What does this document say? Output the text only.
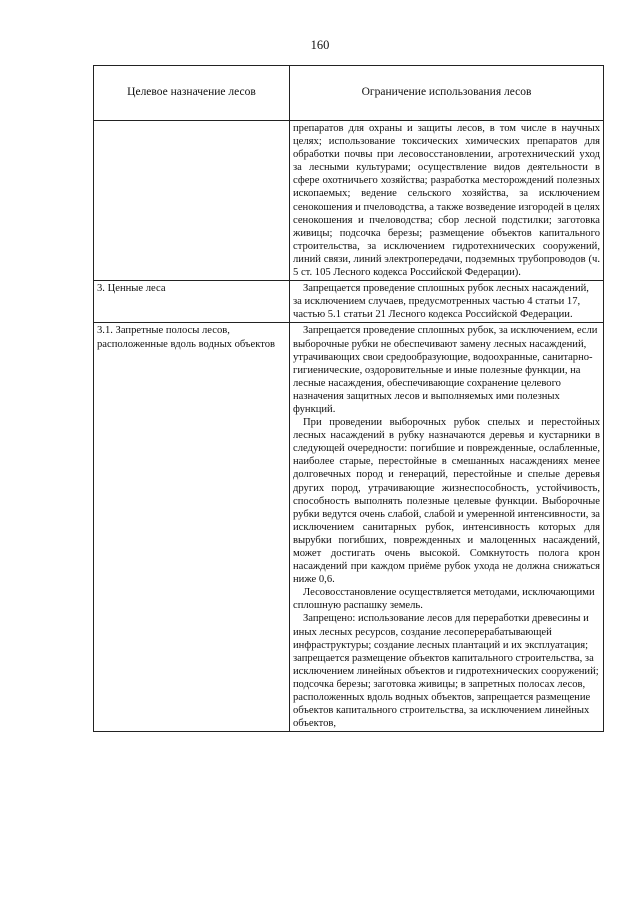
160
Целевое назначение лесов	Ограничение использования лесов

	препаратов для охраны и защиты лесов, в том числе в научных целях; использование токсических химических препаратов для обработки почвы при лесовосстановлении, агротехнический уход за лесными культурами; осуществление видов деятельности в сфере охотничьего хозяйства; разработка месторождений полезных ископаемых; ведение сельского хозяйства, за исключением сенокошения и пчеловодства, а также возведение изгородей в целях сенокошения и пчеловодства; сбор лесной подстилки; заготовка живицы; подсочка березы; размещение объектов капитального строительства, за исключением гидротехнических сооружений, линий связи, линий электропередачи, подземных трубопроводов (ч. 5 ст. 105 Лесного кодекса Российской Федерации).

3. Ценные леса	Запрещается проведение сплошных рубок лесных насаждений, за исключением случаев, предусмотренных частью 4 статьи 17, частью 5.1 статьи 21 Лесного кодекса Российской Федерации.

3.1. Запретные полосы лесов, расположенные вдоль водных объектов	Запрещается проведение сплошных рубок, за исключением, если выборочные рубки не обеспечивают замену лесных насаждений, утрачивающих свои средообразующие, водоохранные, санитарно-гигиенические, оздоровительные и иные полезные функции, на лесные насаждения, обеспечивающие сохранение целевого назначения защитных лесов и выполняемых ими полезных функций.

При проведении выборочных рубок спелых и перестойных лесных насаждений в рубку назначаются деревья и кустарники в следующей очередности: погибшие и поврежденные, ослабленные, наиболее старые, перестойные в смешанных насаждениях менее долговечных пород и генераций, перестойные и спелые деревья других пород, утрачивающие жизнеспособность, устойчивость, способность выполнять полезные целевые функции. Выборочные рубки ведутся очень слабой, слабой и умеренной интенсивности, за исключением санитарных рубок, интенсивность которых для вырубки погибших, поврежденных и малоценных насаждений, может достигать очень высокой. Сомкнутость полога крон насаждений при каждом приёме рубок ухода не должна снижаться ниже 0,6.

Лесовосстановление осуществляется методами, исключающими сплошную распашку земель.

Запрещено: использование лесов для переработки древесины и иных лесных ресурсов, создание лесоперерабатывающей инфраструктуры; создание лесных плантаций и их эксплуатация; запрещается размещение объектов капитального строительства, за исключением линейных объектов и гидротехнических сооружений; подсочка березы; заготовка живицы; в запретных полосах лесов, расположенных вдоль водных объектов, запрещается размещение объектов капитального строительства, за исключением линейных объектов,
